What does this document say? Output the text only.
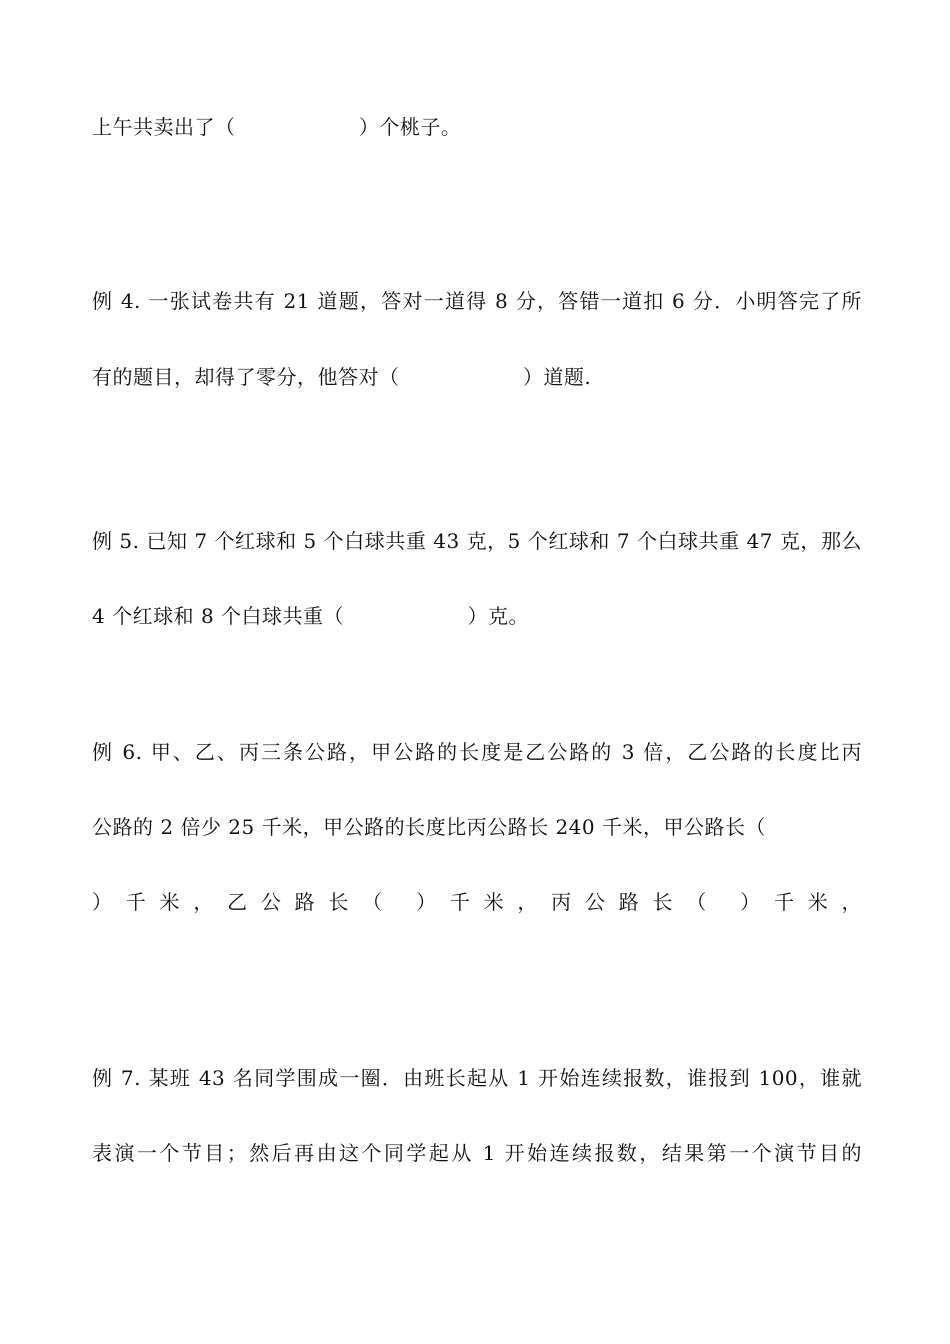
上午共卖出了（                  ）个桃子。
例 4. 一张试卷共有 21 道题，答对一道得 8 分，答错一道扣 6 分．小明答完了所
有的题目，却得了零分，他答对（                  ）道题.
例 5. 已知 7 个红球和 5 个白球共重 43 克，5 个红球和 7 个白球共重 47 克，那么
4 个红球和 8 个白球共重（                  ）克。
例 6. 甲、乙、丙三条公路，甲公路的长度是乙公路的 3 倍，乙公路的长度比丙
公路的 2 倍少 25 千米，甲公路的长度比丙公路长 240 千米，甲公路长（
）千米，乙公路长（ ）千米，丙公路长（ ）千米，
例 7. 某班 43 名同学围成一圈．由班长起从 1 开始连续报数，谁报到 100，谁就
表演一个节目；然后再由这个同学起从 1 开始连续报数，结果第一个演节目的
